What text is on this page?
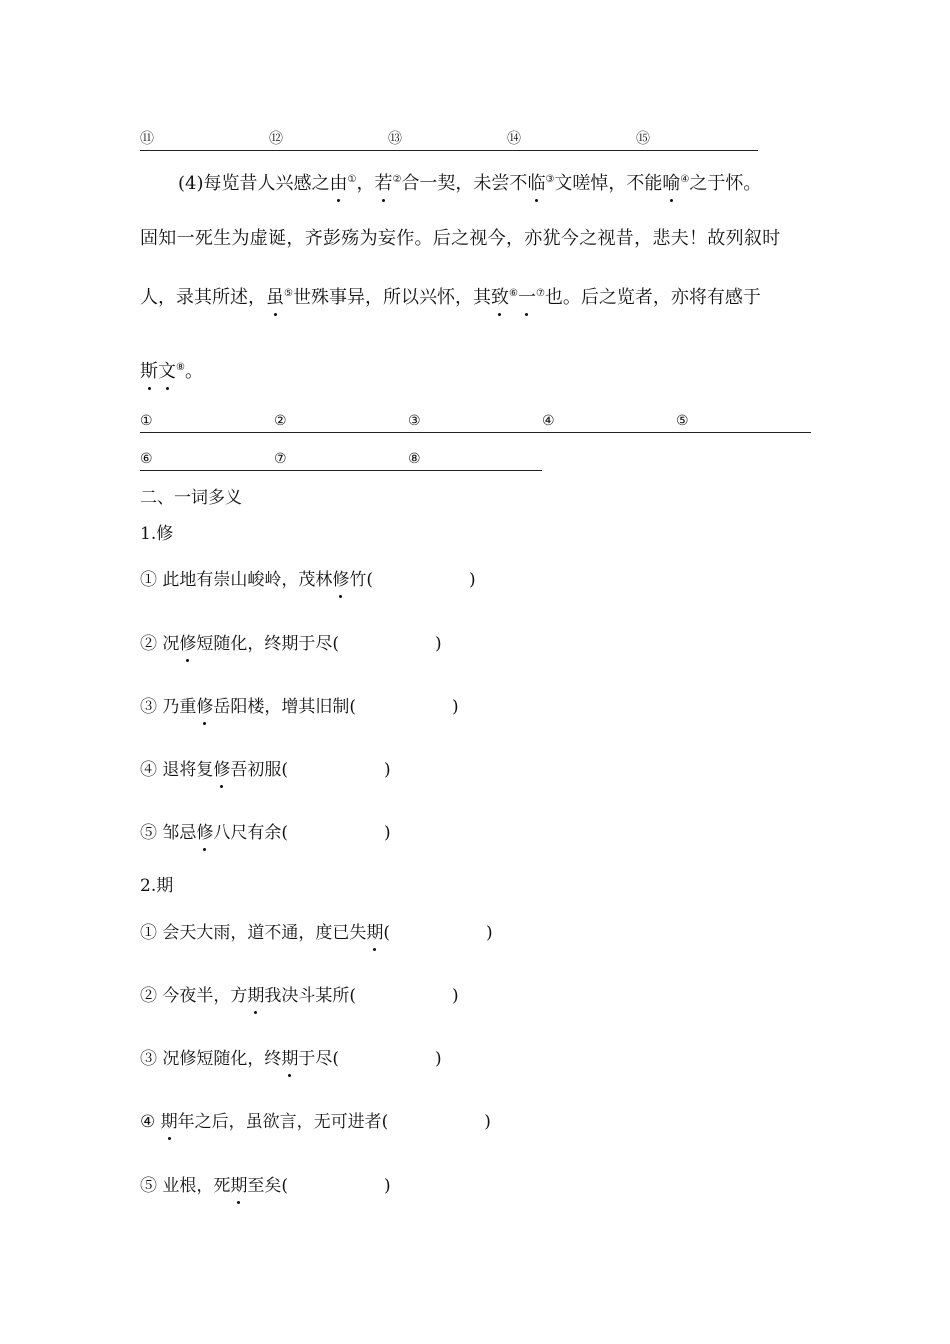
⑪	⑫	⑬	⑭	⑮
(4)每览昔人兴感之由①，若②合一契，未尝不临③文嗟悼，不能喻④之于怀。
固知一死生为虚诞，齐彭殇为妄作。后之视今，亦犹今之视昔，悲夫！故列叙时
人，录其所述，虽⑤世殊事异，所以兴怀，其致⑥一⑦也。后之览者，亦将有感于
斯文⑧。
①	②	③	④	⑤
⑥	⑦	⑧
二、一词多义
1.修
① 此地有崇山峻岭，茂林修竹(	)
② 况修短随化，终期于尽(	)
③ 乃重修岳阳楼，增其旧制(	)
④ 退将复修吾初服(	)
⑤ 邹忌修八尺有余(	)
2.期
① 会天大雨，道不通，度已失期(	)
② 今夜半，方期我决斗某所(	)
③ 况修短随化，终期于尽(	)
④ 期年之后，虽欲言，无可进者(	)
⑤ 业根，死期至矣(	)
